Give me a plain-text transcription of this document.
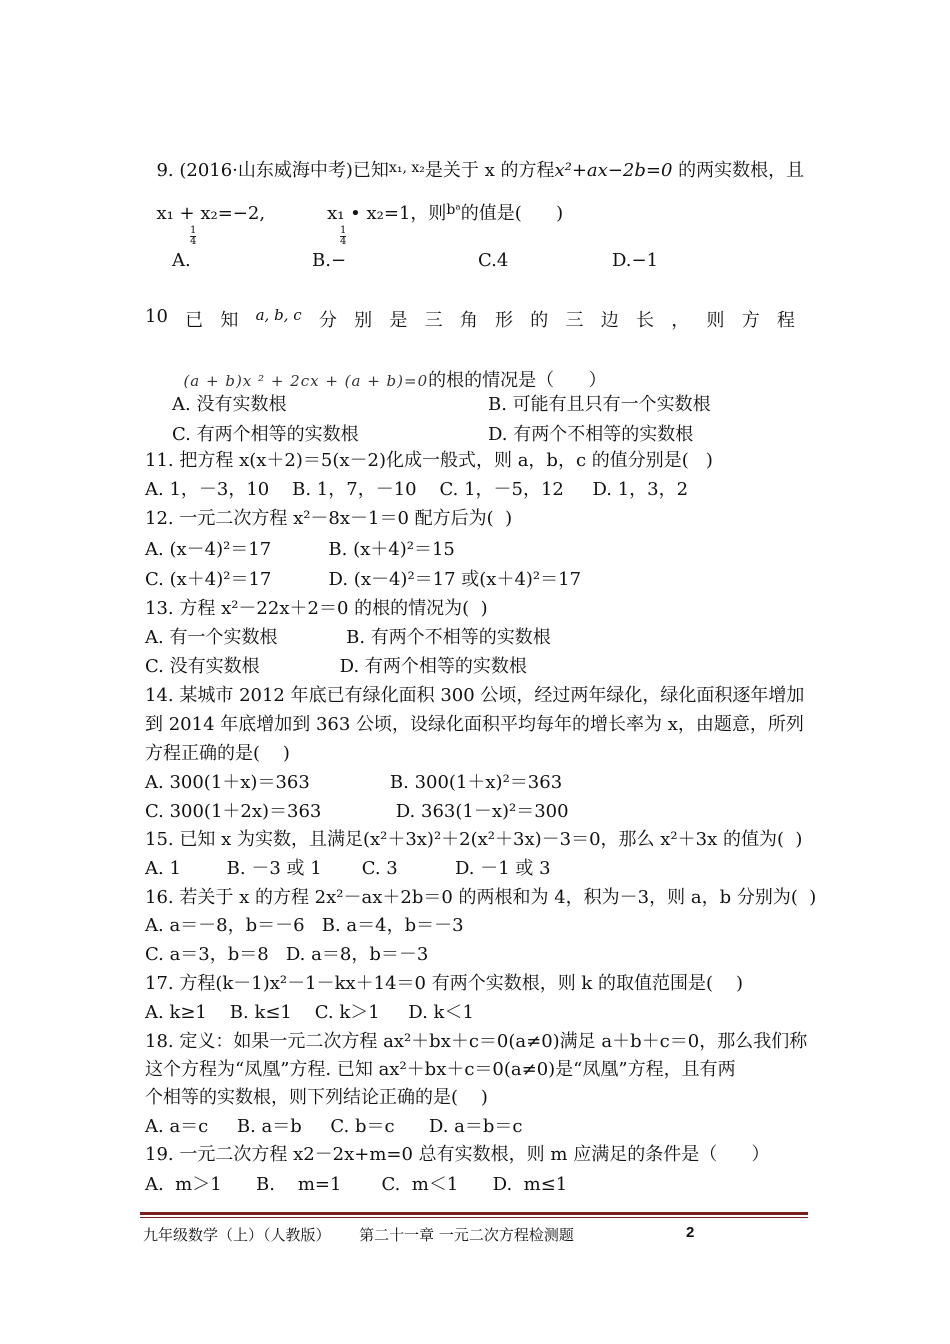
9. (2016·山东威海中考)已知$^{x_1, x_2}$是关于 x 的方程x²+ax−2b=0 的两实数根，且

x₁ + x₂=−2,	x₁ • x₂=1，则$^{bᵃ}$的值是(      )

A.
$\frac{1}{4}$
B.−
$\frac{1}{4}$
C.4	D.−1
10 已 知 a, b, c 分 别 是 三 角 形 的 三 边 长 ， 则 方 程

(a + b)x ² + 2cx + (a + b)=0的根的情况是（      ）

A. 没有实数根	B. 可能有且只有一个实数根
C. 有两个相等的实数根	D. 有两个不相等的实数根
11. 把方程 x(x＋2)＝5(x－2)化成一般式，则 a，b，c 的值分别是(   )
A. 1，－3，10    B. 1，7，－10    C. 1，－5，12     D. 1，3，2
12. 一元二次方程 x²－8x－1＝0 配方后为(  )
A. (x－4)²＝17          B. (x＋4)²＝15
C. (x＋4)²＝17          D. (x－4)²＝17 或(x＋4)²＝17
13. 方程 x²－22x＋2＝0 的根的情况为(  )
A. 有一个实数根            B. 有两个不相等的实数根
C. 没有实数根              D. 有两个相等的实数根
14. 某城市 2012 年底已有绿化面积 300 公顷，经过两年绿化，绿化面积逐年增加
到 2014 年底增加到 363 公顷，设绿化面积平均每年的增长率为 x，由题意，所列
方程正确的是(    )
A. 300(1＋x)＝363              B. 300(1＋x)²＝363
C. 300(1＋2x)＝363             D. 363(1－x)²＝300
15. 已知 x 为实数，且满足(x²＋3x)²＋2(x²＋3x)－3＝0，那么 x²＋3x 的值为(  )
A. 1        B. －3 或 1       C. 3          D. －1 或 3
16. 若关于 x 的方程 2x²－ax＋2b＝0 的两根和为 4，积为－3，则 a，b 分别为(  )
A. a＝－8，b＝－6   B. a＝4，b＝－3
C. a＝3，b＝8   D. a＝8，b＝－3
17. 方程(k－1)x²－1－kx＋14＝0 有两个实数根，则 k 的取值范围是(    )
A. k≥1    B. k≤1    C. k＞1     D. k＜1
18. 定义：如果一元二次方程 ax²＋bx＋c＝0(a≠0)满足 a＋b＋c＝0，那么我们称
这个方程为“凤凰”方程. 已知 ax²＋bx＋c＝0(a≠0)是“凤凰”方程，且有两
个相等的实数根，则下列结论正确的是(    )
A. a＝c     B. a＝b     C. b＝c      D. a＝b＝c
19. 一元二次方程 x2－2x+m=0 总有实数根，则 m 应满足的条件是（      ）
A.  m＞1      B.    m=1       C.  m＜1      D.  m≤1
九年级数学（上）（人教版）      第二十一章 一元二次方程检测题	2
